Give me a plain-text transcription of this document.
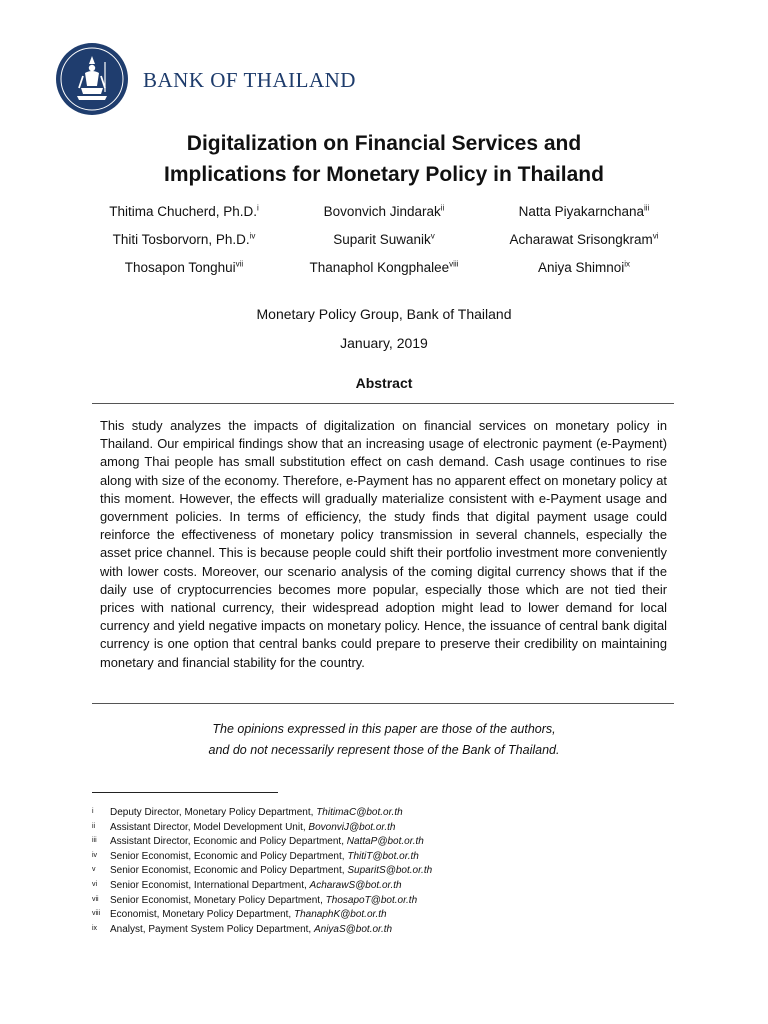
BANK OF THAILAND
Digitalization on Financial Services and
Implications for Monetary Policy in Thailand
Thitima Chucherd, Ph.D.$^i$	Bovonvich Jindarak$^{ii}$	Natta Piyakarnchana$^{iii}$
Thiti Tosborvorn, Ph.D.$^{iv}$	Suparit Suwanik$^v$	Acharawat Srisongkram$^{vi}$
Thosapon Tonghui$^{vii}$	Thanaphol Kongphalee$^{viii}$	Aniya Shimnoi$^{ix}$
Monetary Policy Group, Bank of Thailand
January, 2019
Abstract
This study analyzes the impacts of digitalization on financial services on monetary policy in Thailand. Our empirical findings show that an increasing usage of electronic payment (e-Payment) among Thai people has small substitution effect on cash demand. Cash usage continues to rise along with size of the economy. Therefore, e-Payment has no apparent effect on monetary policy at this moment. However, the effects will gradually materialize consistent with e-Payment usage and government policies. In terms of efficiency, the study finds that digital payment usage could reinforce the effectiveness of monetary policy transmission in several channels, especially the asset price channel. This is because people could shift their portfolio investment more conveniently with lower costs. Moreover, our scenario analysis of the coming digital currency shows that if the daily use of cryptocurrencies becomes more popular, especially those which are not tied their prices with national currency, their widespread adoption might lead to lower demand for local currency and yield negative impacts on monetary policy. Hence, the issuance of central bank digital currency is one option that central banks could prepare to preserve their credibility on maintaining monetary and financial stability for the country.
The opinions expressed in this paper are those of the authors,
and do not necessarily represent those of the Bank of Thailand.
i	Deputy Director, Monetary Policy Department, ThitimaC@bot.or.th
ii	Assistant Director, Model Development Unit, BovonviJ@bot.or.th
iii	Assistant Director, Economic and Policy Department, NattaP@bot.or.th
iv	Senior Economist, Economic and Policy Department, ThitiT@bot.or.th
v	Senior Economist, Economic and Policy Department, SuparitS@bot.or.th
vi	Senior Economist, International Department, AcharawS@bot.or.th
vii	Senior Economist, Monetary Policy Department, ThosapoT@bot.or.th
viii Economist, Monetary Policy Department, ThanaphK@bot.or.th
ix	Analyst, Payment System Policy Department, AniyaS@bot.or.th
